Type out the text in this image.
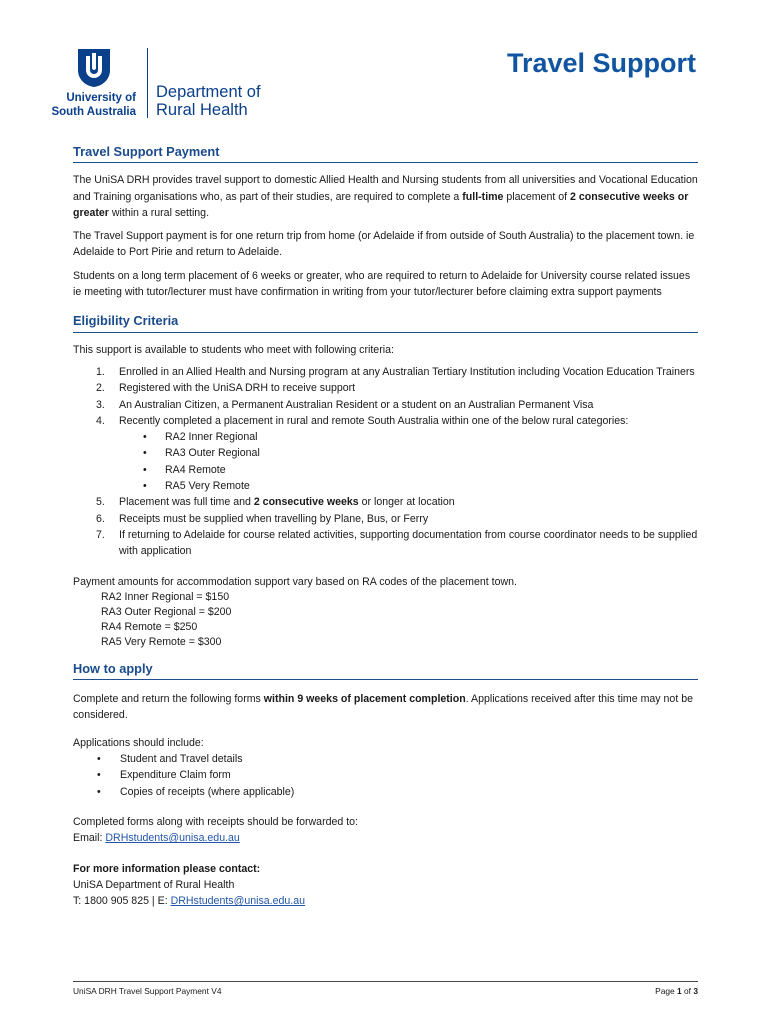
University of
South Australia
Department of
Rural Health
Travel Support
Travel Support Payment

The UniSA DRH provides travel support to domestic Allied Health and Nursing students from all universities and Vocational Education and Training organisations who, as part of their studies, are required to complete a full-time placement of 2 consecutive weeks or greater within a rural setting.

The Travel Support payment is for one return trip from home (or Adelaide if from outside of South Australia) to the placement town. ie Adelaide to Port Pirie and return to Adelaide.

Students on a long term placement of 6 weeks or greater, who are required to return to Adelaide for University course related issues ie meeting with tutor/lecturer must have confirmation in writing from your tutor/lecturer before claiming extra support payments

Eligibility Criteria

This support is available to students who meet with following criteria:

1. Enrolled in an Allied Health and Nursing program at any Australian Tertiary Institution including Vocation Education Trainers
2. Registered with the UniSA DRH to receive support
3. An Australian Citizen, a Permanent Australian Resident or a student on an Australian Permanent Visa
4. Recently completed a placement in rural and remote South Australia within one of the below rural categories:
• RA2 Inner Regional
• RA3 Outer Regional
• RA4 Remote
• RA5 Very Remote
5. Placement was full time and 2 consecutive weeks or longer at location
6. Receipts must be supplied when travelling by Plane, Bus, or Ferry
7. If returning to Adelaide for course related activities, supporting documentation from course coordinator needs to be supplied with application

Payment amounts for accommodation support vary based on RA codes of the placement town.

RA2 Inner Regional = $150
RA3 Outer Regional = $200
RA4 Remote = $250
RA5 Very Remote = $300
How to apply

Complete and return the following forms within 9 weeks of placement completion. Applications received after this time may not be considered.

Applications should include:

• Student and Travel details
• Expenditure Claim form
• Copies of receipts (where applicable)

Completed forms along with receipts should be forwarded to:

Email: DRHstudents@unisa.edu.au

For more information please contact:

UniSA Department of Rural Health

T: 1800 905 825 | E: DRHstudents@unisa.edu.au

UniSA DRH Travel Support Payment V4	Page 1 of 3
